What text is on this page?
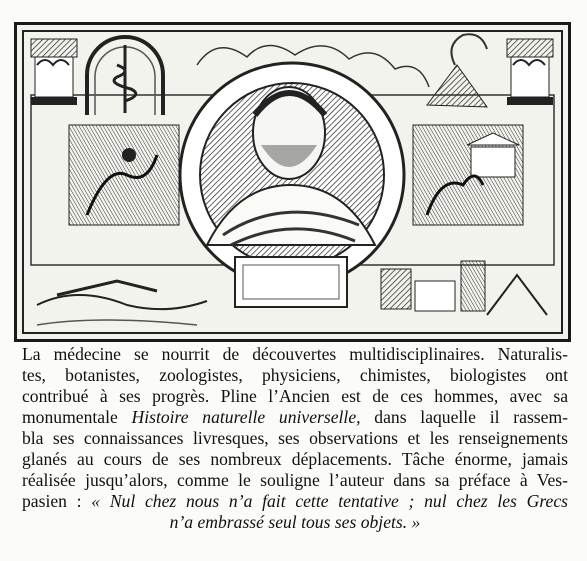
La médecine se nourrit de découvertes multidisciplinaires. Naturalis-
tes, botanistes, zoologistes, physiciens, chimistes, biologistes ont
contribué à ses progrès. Pline l’Ancien est de ces hommes, avec sa
monumentale Histoire naturelle universelle, dans laquelle il rassem-
bla ses connaissances livresques, ses observations et les renseignements
glanés au cours de ses nombreux déplacements. Tâche énorme, jamais
réalisée jusqu’alors, comme le souligne l’auteur dans sa préface à Ves-
pasien : « Nul chez nous n’a fait cette tentative ; nul chez les Grecs
n’a embrassé seul tous ses objets. »
